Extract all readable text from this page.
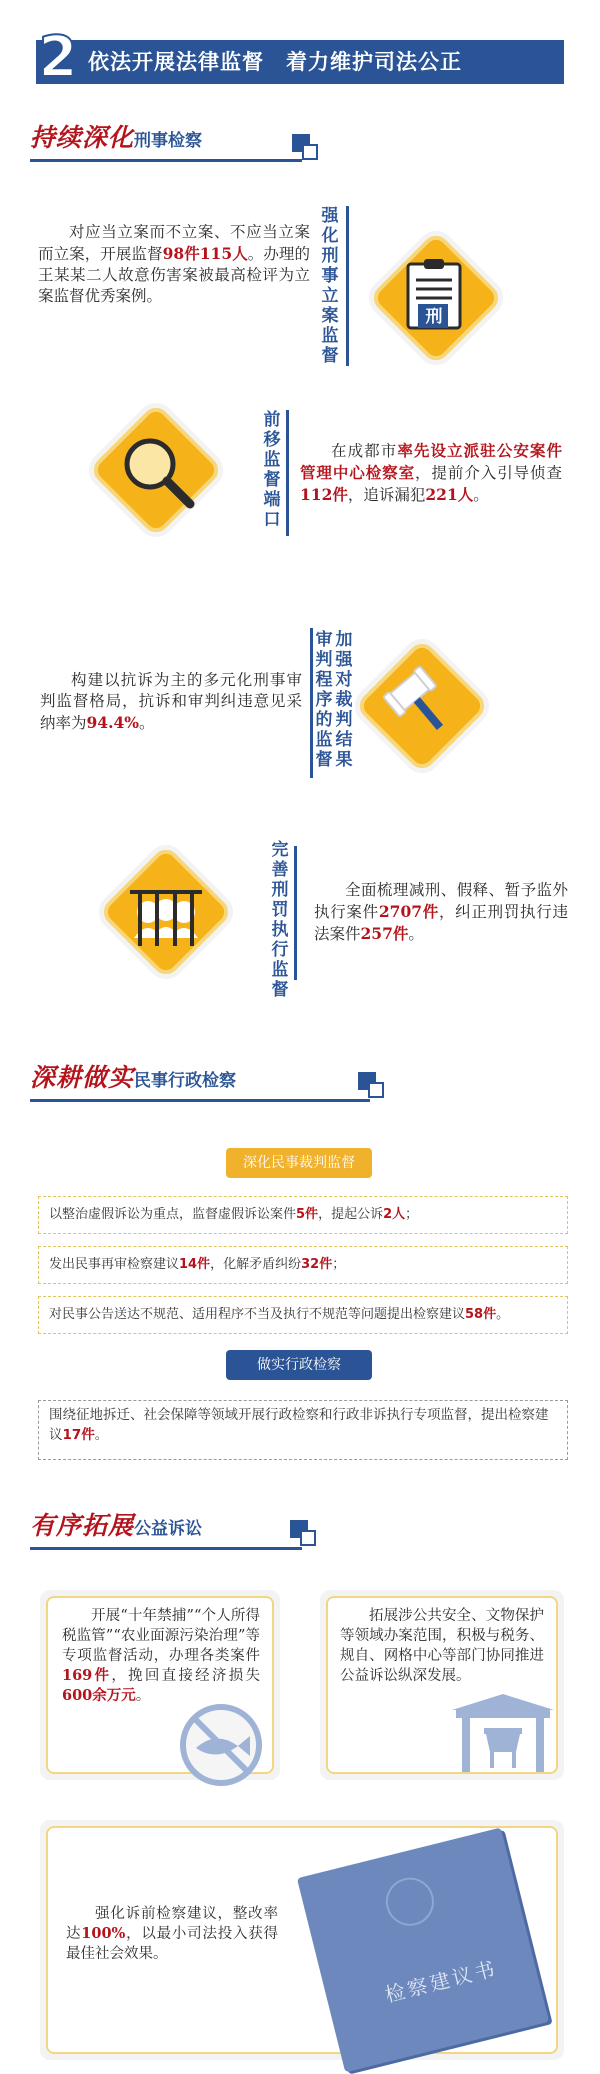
2 依法开展法律监督　着力维护司法公正
持续深化刑事检察
对应当立案而不立案、不应当立案而立案，开展监督98件115人。办理的王某某二人故意伤害案被最高检评为立案监督优秀案例。
强化刑事立案监督
刑
前移监督端口
在成都市率先设立派驻公安案件管理中心检察室，提前介入引导侦查112件，追诉漏犯221人。
构建以抗诉为主的多元化刑事审判监督格局，抗诉和审判纠违意见采纳率为94.4%。
审判程序的监督
加强对裁判结果
完善刑罚执行监督
全面梳理减刑、假释、暂予监外执行案件2707件，纠正刑罚执行违法案件257件。
深耕做实民事行政检察
深化民事裁判监督
以整治虚假诉讼为重点，监督虚假诉讼案件5件，提起公诉2人；
发出民事再审检察建议14件，化解矛盾纠纷32件；
对民事公告送达不规范、适用程序不当及执行不规范等问题提出检察建议58件。
做实行政检察
围绕征地拆迁、社会保障等领域开展行政检察和行政非诉执行专项监督，提出检察建议17件。
有序拓展公益诉讼
开展“十年禁捕”“个人所得税监管”“农业面源污染治理”等专项监督活动，办理各类案件169件，挽回直接经济损失600余万元。
拓展涉公共安全、文物保护等领域办案范围，积极与税务、规自、网格中心等部门协同推进公益诉讼纵深发展。
强化诉前检察建议，整改率达100%，以最小司法投入获得最佳社会效果。
检察建议书
